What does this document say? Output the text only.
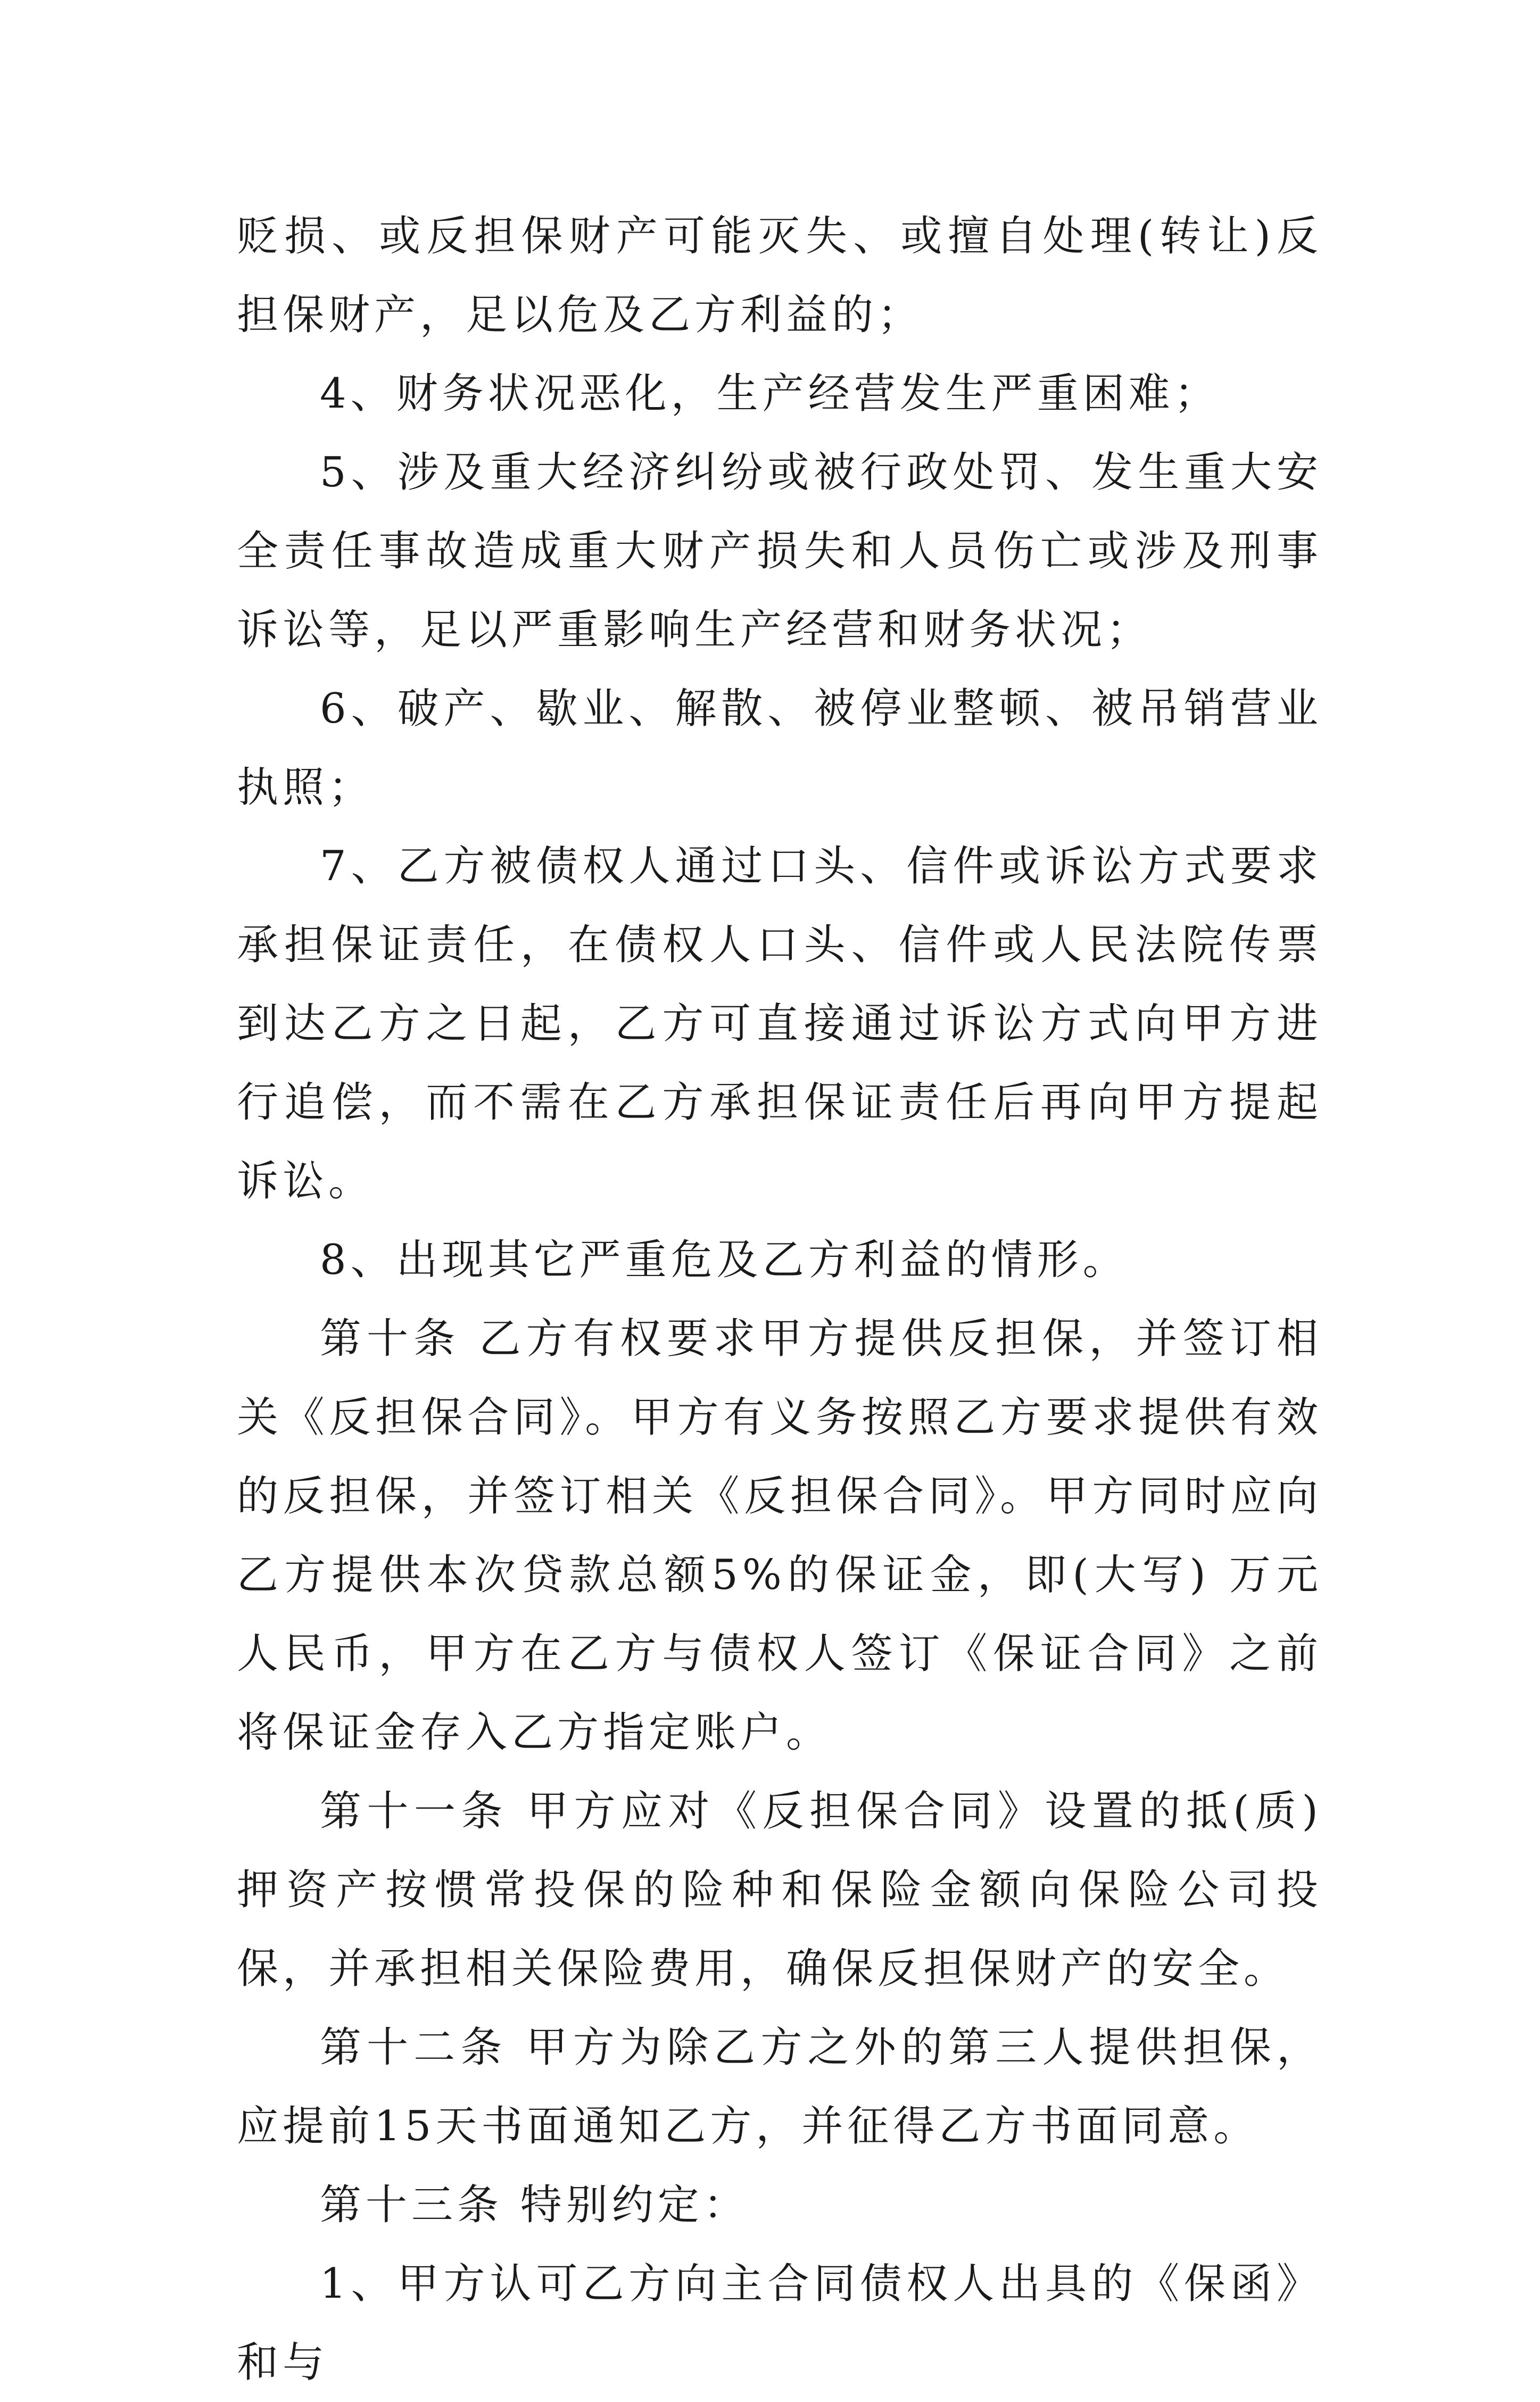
贬损、或反担保财产可能灭失、或擅自处理(转让)反担保财产，足以危及乙方利益的；

4、财务状况恶化，生产经营发生严重困难；

5、涉及重大经济纠纷或被行政处罚、发生重大安全责任事故造成重大财产损失和人员伤亡或涉及刑事诉讼等，足以严重影响生产经营和财务状况；

6、破产、歇业、解散、被停业整顿、被吊销营业执照；

7、乙方被债权人通过口头、信件或诉讼方式要求承担保证责任，在债权人口头、信件或人民法院传票到达乙方之日起，乙方可直接通过诉讼方式向甲方进行追偿，而不需在乙方承担保证责任后再向甲方提起诉讼。

8、出现其它严重危及乙方利益的情形。

第十条 乙方有权要求甲方提供反担保，并签订相关《反担保合同》。甲方有义务按照乙方要求提供有效的反担保，并签订相关《反担保合同》。甲方同时应向乙方提供本次贷款总额5%的保证金，即(大写) 万元人民币，甲方在乙方与债权人签订《保证合同》之前将保证金存入乙方指定账户。

第十一条 甲方应对《反担保合同》设置的抵(质)押资产按惯常投保的险种和保险金额向保险公司投保，并承担相关保险费用，确保反担保财产的安全。

第十二条 甲方为除乙方之外的第三人提供担保，应提前15天书面通知乙方，并征得乙方书面同意。

第十三条 特别约定：

1、甲方认可乙方向主合同债权人出具的《保函》和与
